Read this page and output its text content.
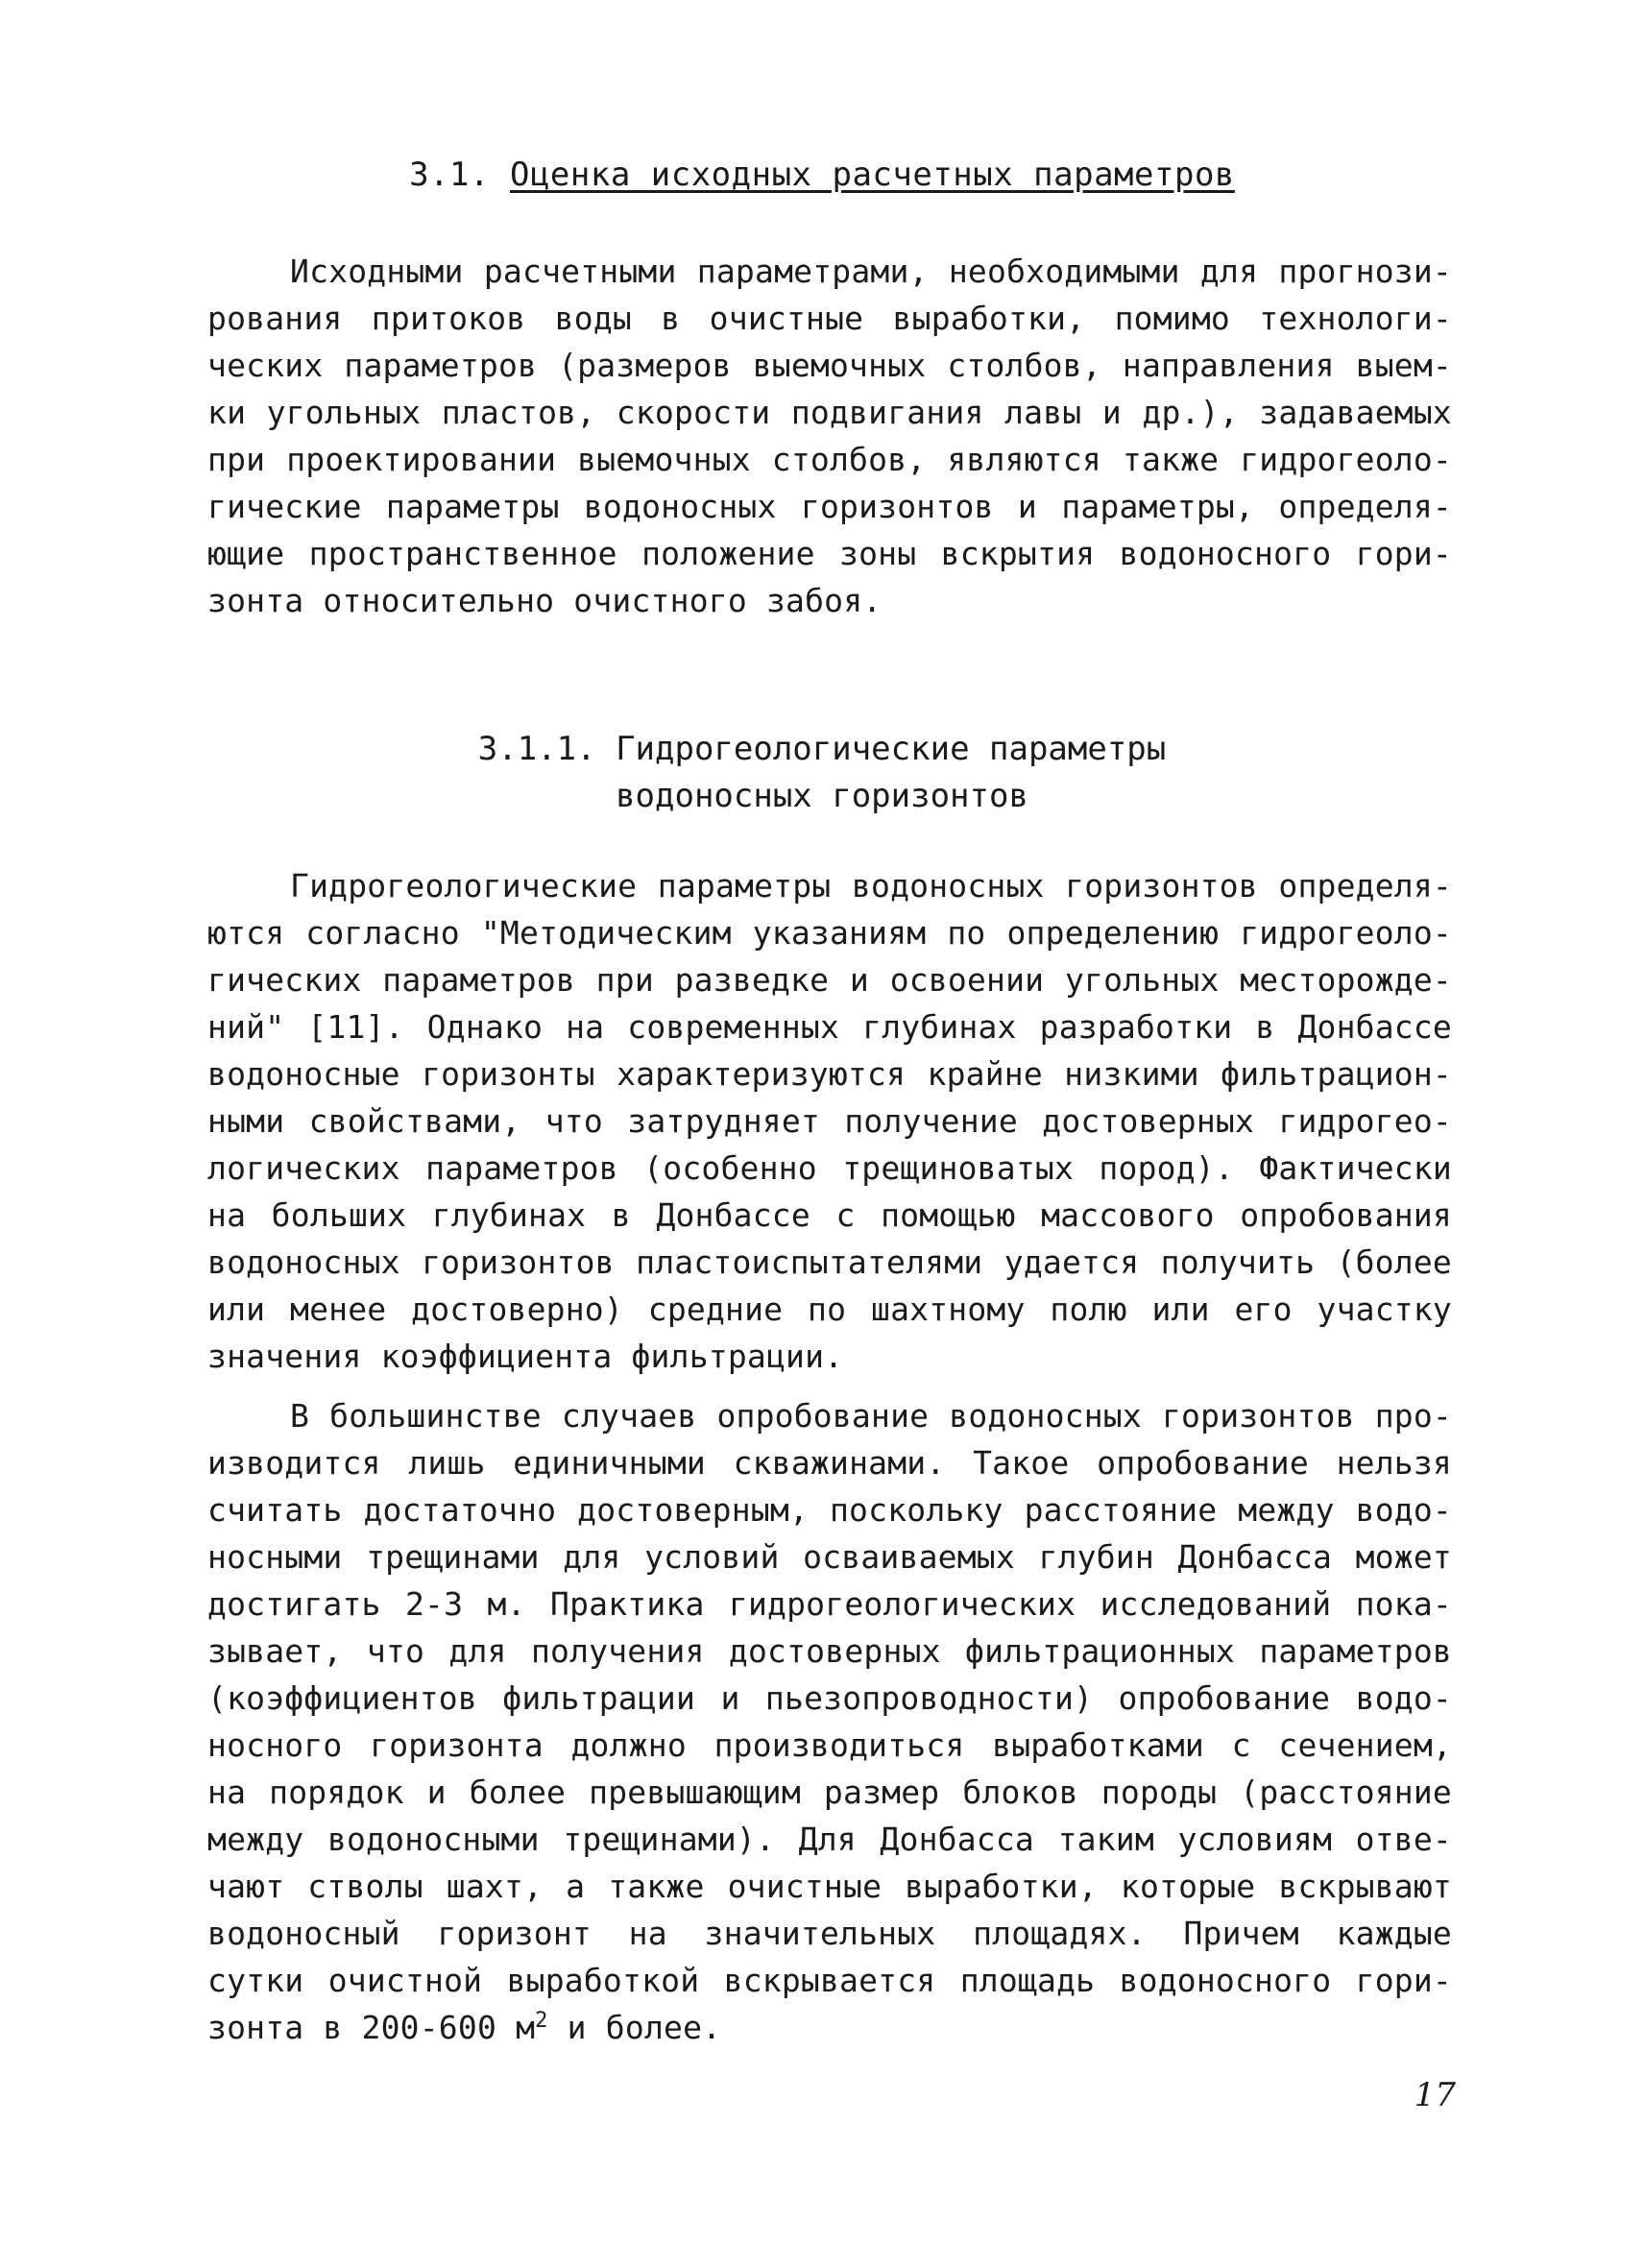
3.1. Оценка исходных расчетных параметров
Исходными расчетными параметрами, необходимыми для прогнози-
рования притоков воды в очистные выработки, помимо технологи-
ческих параметров (размеров выемочных столбов, направления выем-
ки угольных пластов, скорости подвигания лавы и др.), задаваемых
при проектировании выемочных столбов, являются также гидрогеоло-
гические параметры водоносных горизонтов и параметры, определя-
ющие пространственное положение зоны вскрытия водоносного гори-
зонта относительно очистного забоя.
3.1.1. Гидрогеологические параметры
водоносных горизонтов
Гидрогеологические параметры водоносных горизонтов определя-
ются согласно "Методическим указаниям по определению гидрогеоло-
гических параметров при разведке и освоении угольных месторожде-
ний" [11]. Однако на современных глубинах разработки в Донбассе
водоносные горизонты характеризуются крайне низкими фильтрацион-
ными свойствами, что затрудняет получение достоверных гидрогео-
логических параметров (особенно трещиноватых пород). Фактически
на больших глубинах в Донбассе с помощью массового опробования
водоносных горизонтов пластоиспытателями удается получить (более
или менее достоверно) средние по шахтному полю или его участку
значения коэффициента фильтрации.
В большинстве случаев опробование водоносных горизонтов про-
изводится лишь единичными скважинами. Такое опробование нельзя
считать достаточно достоверным, поскольку расстояние между водо-
носными трещинами для условий осваиваемых глубин Донбасса может
достигать 2-3 м. Практика гидрогеологических исследований пока-
зывает, что для получения достоверных фильтрационных параметров
(коэффициентов фильтрации и пьезопроводности) опробование водо-
носного горизонта должно производиться выработками с сечением,
на порядок и более превышающим размер блоков породы (расстояние
между водоносными трещинами). Для Донбасса таким условиям отве-
чают стволы шахт, а также очистные выработки, которые вскрывают
водоносный горизонт на значительных площадях. Причем каждые
сутки очистной выработкой вскрывается площадь водоносного гори-
зонта в 200-600 $м^2$ и более.
17
